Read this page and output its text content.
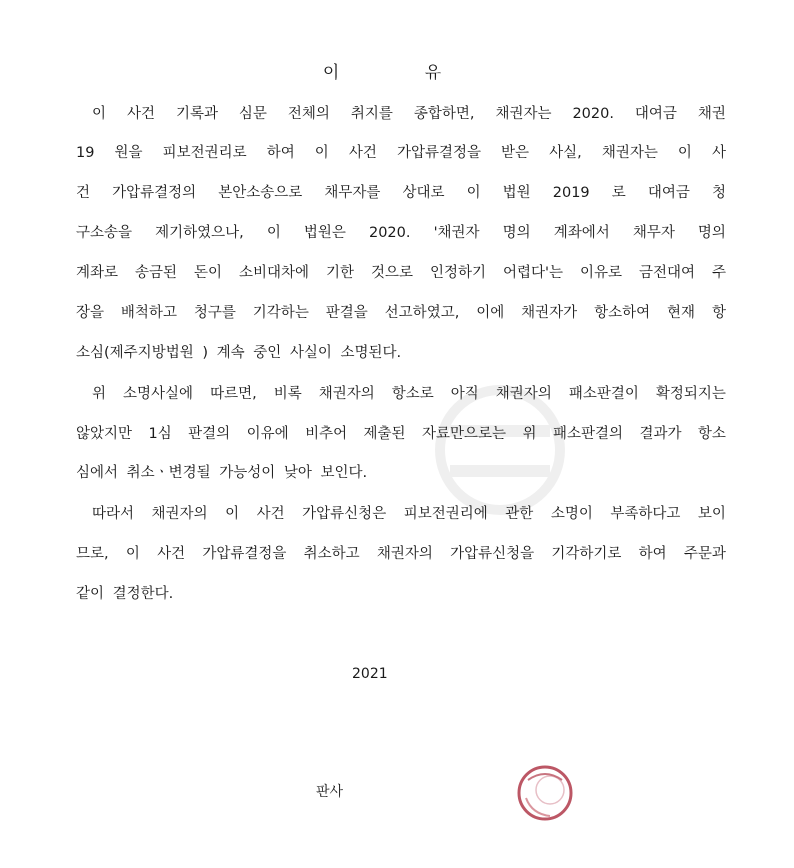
이 유
이 사건 기록과 심문 전체의 취지를 종합하면, 채권자는 2020. 대여금 채권
19 원을 피보전권리로 하여 이 사건 가압류결정을 받은 사실, 채권자는 이 사
건 가압류결정의 본안소송으로 채무자를 상대로 이 법원 2019 로 대여금 청
구소송을 제기하였으나, 이 법원은 2020. '채권자 명의 계좌에서 채무자 명의
계좌로 송금된 돈이 소비대차에 기한 것으로 인정하기 어렵다'는 이유로 금전대여 주
장을 배척하고 청구를 기각하는 판결을 선고하였고, 이에 채권자가 항소하여 현재 항
소심(제주지방법원 ) 계속 중인 사실이 소명된다.
위 소명사실에 따르면, 비록 채권자의 항소로 아직 채권자의 패소판결이 확정되지는
않았지만 1심 판결의 이유에 비추어 제출된 자료만으로는 위 패소판결의 결과가 항소
심에서 취소ㆍ변경될 가능성이 낮아 보인다.
따라서 채권자의 이 사건 가압류신청은 피보전권리에 관한 소명이 부족하다고 보이
므로, 이 사건 가압류결정을 취소하고 채권자의 가압류신청을 기각하기로 하여 주문과
같이 결정한다.
2021
판사
